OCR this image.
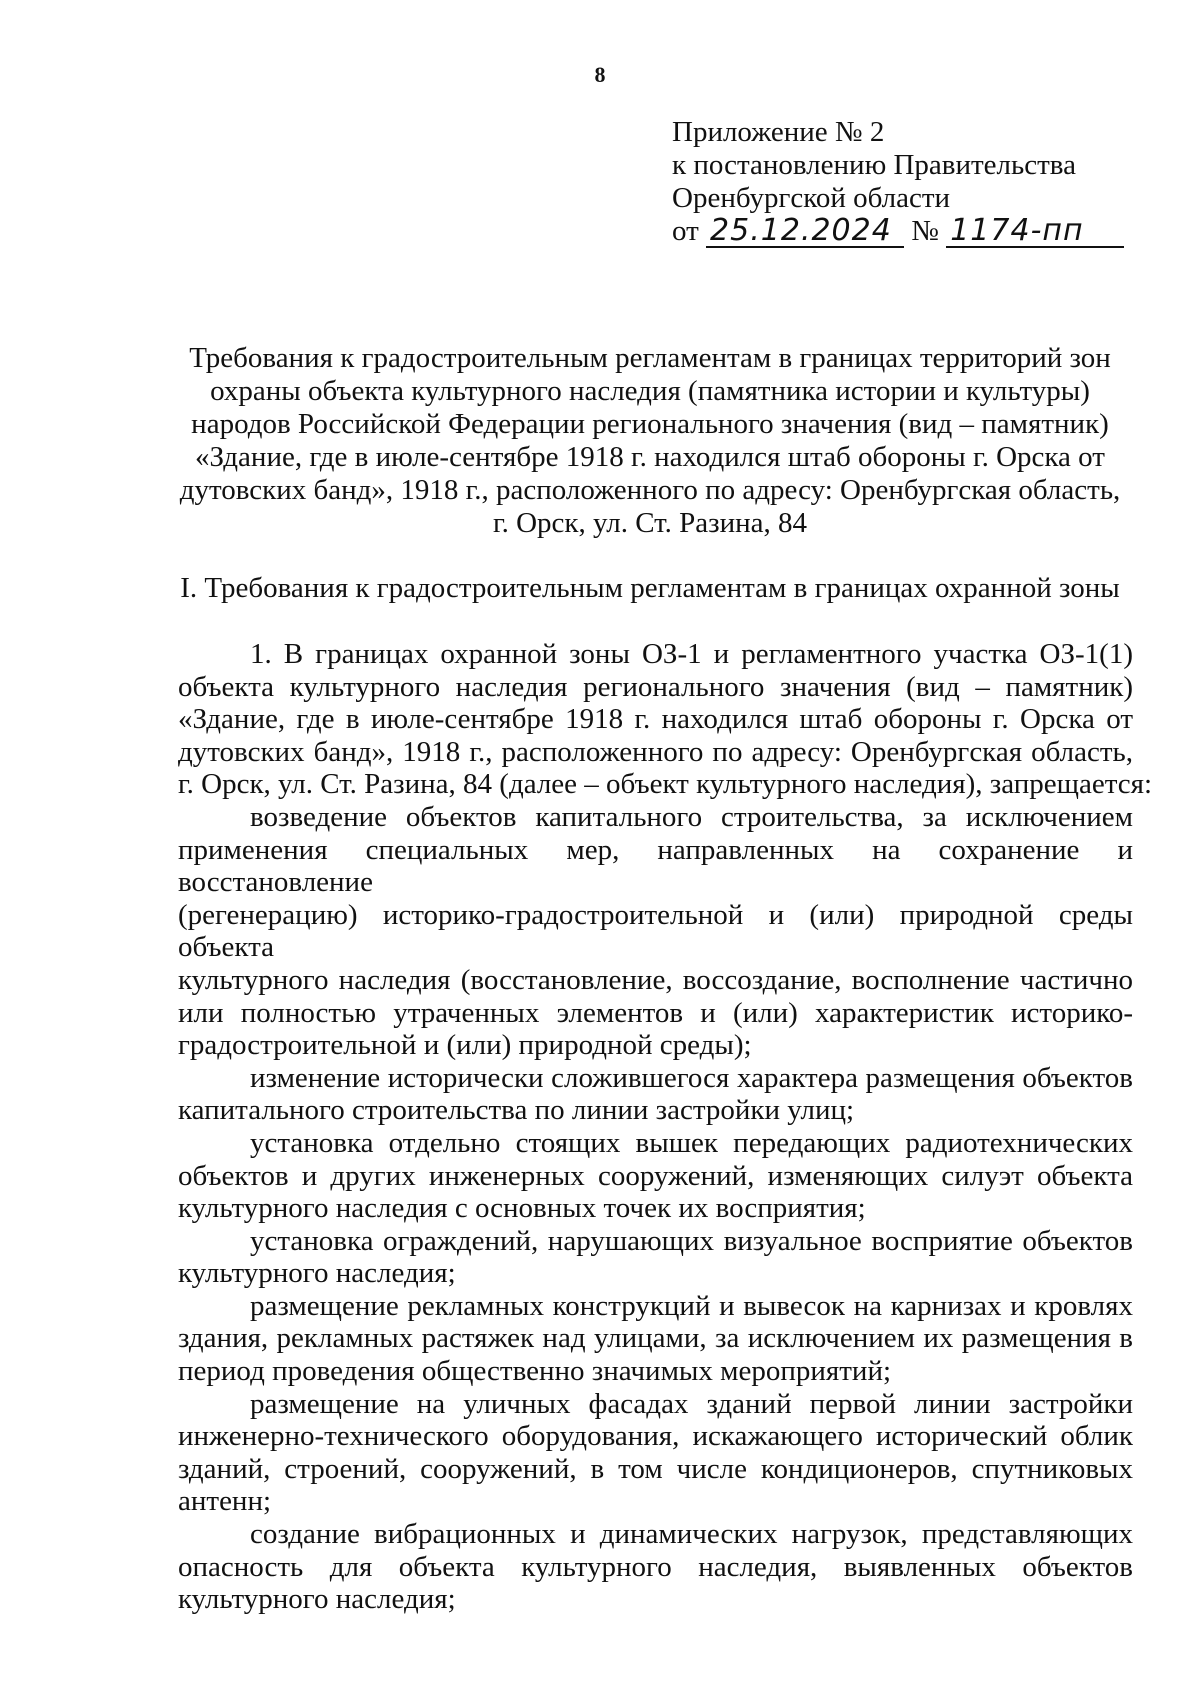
8
Приложение № 2
к постановлению Правительства
Оренбургской области
от 25.12.2024 № 1174-пп
Требования к градостроительным регламентам в границах территорий зон
охраны объекта культурного наследия (памятника истории и культуры)
народов Российской Федерации регионального значения (вид – памятник)
«Здание, где в июле-сентябре 1918 г. находился штаб обороны г. Орска от
дутовских банд», 1918 г., расположенного по адресу: Оренбургская область,
г. Орск, ул. Ст. Разина, 84
I. Требования к градостроительным регламентам в границах охранной зоны
1. В границах охранной зоны ОЗ-1 и регламентного участка ОЗ-1(1)
объекта культурного наследия регионального значения (вид – памятник)
«Здание, где в июле-сентябре 1918 г. находился штаб обороны г. Орска от
дутовских банд», 1918 г., расположенного по адресу: Оренбургская область,
г. Орск, ул. Ст. Разина, 84 (далее – объект культурного наследия), запрещается:
возведение объектов капитального строительства, за исключением
применения специальных мер, направленных на сохранение и восстановление
(регенерацию) историко-градостроительной и (или) природной среды объекта
культурного наследия (восстановление, воссоздание, восполнение частично
или полностью утраченных элементов и (или) характеристик историко-
градостроительной и (или) природной среды);
изменение исторически сложившегося характера размещения объектов
капитального строительства по линии застройки улиц;
установка отдельно стоящих вышек передающих радиотехнических
объектов и других инженерных сооружений, изменяющих силуэт объекта
культурного наследия с основных точек их восприятия;
установка ограждений, нарушающих визуальное восприятие объектов
культурного наследия;
размещение рекламных конструкций и вывесок на карнизах и кровлях
здания, рекламных растяжек над улицами, за исключением их размещения в
период проведения общественно значимых мероприятий;
размещение на уличных фасадах зданий первой линии застройки
инженерно-технического оборудования, искажающего исторический облик
зданий, строений, сооружений, в том числе кондиционеров, спутниковых
антенн;
создание вибрационных и динамических нагрузок, представляющих
опасность для объекта культурного наследия, выявленных объектов
культурного наследия;
